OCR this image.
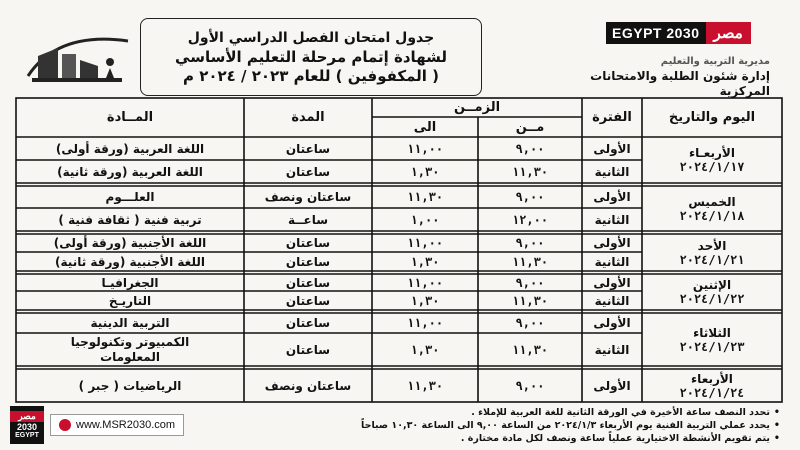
جدول امتحان الفصل الدراسي الأول
لشهادة إتمام مرحلة التعليم الأساسي
( المكفوفين ) للعام ٢٠٢٣ / ٢٠٢٤ م
EGYPT 2030 مصر
مديرية التربية والتعليم
إدارة شئون الطلبة والامتحانات
المركزية
اليوم والتاريخ
الفترة
الزمــن
مــن
الى
المدة
المــادة
الأربعـاء
٢٠٢٤/١/١٧
الخميس
٢٠٢٤/١/١٨
الأحد
٢٠٢٤/١/٢١
الإثنين
٢٠٢٤/١/٢٢
الثلاثاء
٢٠٢٤/١/٢٣
الأربعاء
٢٠٢٤/١/٢٤
الأولى
٩,٠٠
١١,٠٠
ساعتان
اللغة العربية (ورقة أولى)
الثانية
١١,٣٠
١,٣٠
ساعتان
اللغة العربية (ورقة ثانية)
الأولى
٩,٠٠
١١,٣٠
ساعتان ونصف
العلـــوم
الثانية
١٢,٠٠
١,٠٠
ساعــة
تربية فنية ( ثقافة فنية )
الأولى
٩,٠٠
١١,٠٠
ساعتان
اللغة الأجنبية (ورقة أولى)
الثانية
١١,٣٠
١,٣٠
ساعتان
اللغة الأجنبية (ورقة ثانية)
الأولى
٩,٠٠
١١,٠٠
ساعتان
الجغرافيـا
الثانية
١١,٣٠
١,٣٠
ساعتان
التاريـخ
الأولى
٩,٠٠
١١,٠٠
ساعتان
التربية الدينية
الثانية
١١,٣٠
١,٣٠
ساعتان
الكمبيوتر وتكنولوجيا
المعلومات
الأولى
٩,٠٠
١١,٣٠
ساعتان ونصف
الرياضيات ( جبر )
•تحدد النصف ساعة الأخيرة في الورقة الثانية للغة العربية للإملاء .
•يحدد عملي التربية الفنية يوم الأربعاء ٢٠٢٤/١/٣ من الساعة ٩,٠٠ الى الساعة ١٠,٣٠ صباحاً
•يتم تقويم الأنشطة الاختيارية عملياً ساعة ونصف لكل مادة مختارة .
مصر
2030
EGYPT
www.MSR2030.com
